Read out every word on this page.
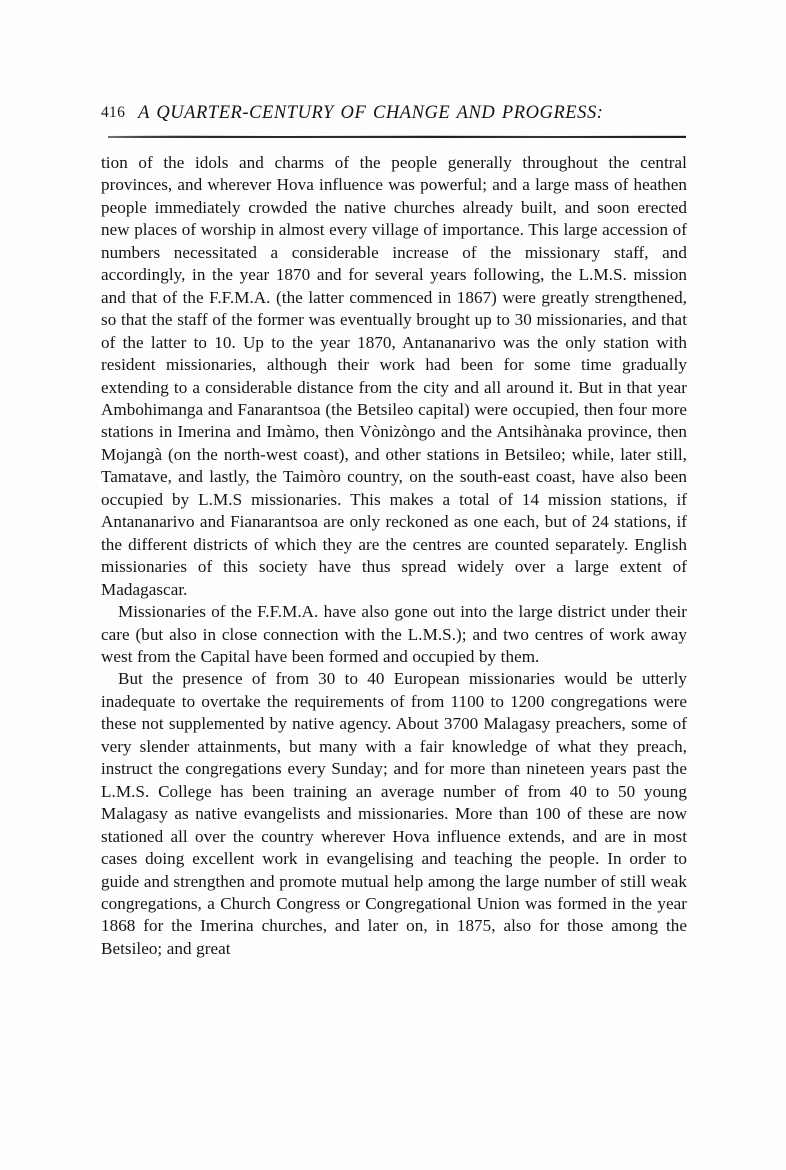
416 A QUARTER-CENTURY OF CHANGE AND PROGRESS:

tion of the idols and charms of the people generally throughout the central provinces, and wherever Hova influence was powerful; and a large mass of heathen people immediately crowded the native churches already built, and soon erected new places of worship in almost every village of importance. This large accession of numbers necessitated a considerable increase of the missionary staff, and accordingly, in the year 1870 and for several years following, the L.M.S. mission and that of the F.F.M.A. (the latter commenced in 1867) were greatly strengthened, so that the staff of the former was eventually brought up to 30 missionaries, and that of the latter to 10. Up to the year 1870, Antananarivo was the only station with resident missionaries, although their work had been for some time gradually extending to a considerable distance from the city and all around it. But in that year Ambohimanga and Fanarantsoa (the Betsileo capital) were occupied, then four more stations in Imerina and Imàmo, then Vònizòngo and the Antsihànaka province, then Mojangà (on the north-west coast), and other stations in Betsileo; while, later still, Tamatave, and lastly, the Taimòro country, on the south-east coast, have also been occupied by L.M.S missionaries. This makes a total of 14 mission stations, if Antananarivo and Fianarantsoa are only reckoned as one each, but of 24 stations, if the different districts of which they are the centres are counted separately. English missionaries of this society have thus spread widely over a large extent of Madagascar.

Missionaries of the F.F.M.A. have also gone out into the large district under their care (but also in close connection with the L.M.S.); and two centres of work away west from the Capital have been formed and occupied by them.

But the presence of from 30 to 40 European missionaries would be utterly inadequate to overtake the requirements of from 1100 to 1200 congregations were these not supplemented by native agency. About 3700 Malagasy preachers, some of very slender attainments, but many with a fair knowledge of what they preach, instruct the congregations every Sunday; and for more than nineteen years past the L.M.S. College has been training an average number of from 40 to 50 young Malagasy as native evangelists and missionaries. More than 100 of these are now stationed all over the country wherever Hova influence extends, and are in most cases doing excellent work in evangelising and teaching the people. In order to guide and strengthen and promote mutual help among the large number of still weak congregations, a Church Congress or Congregational Union was formed in the year 1868 for the Imerina churches, and later on, in 1875, also for those among the Betsileo; and great
